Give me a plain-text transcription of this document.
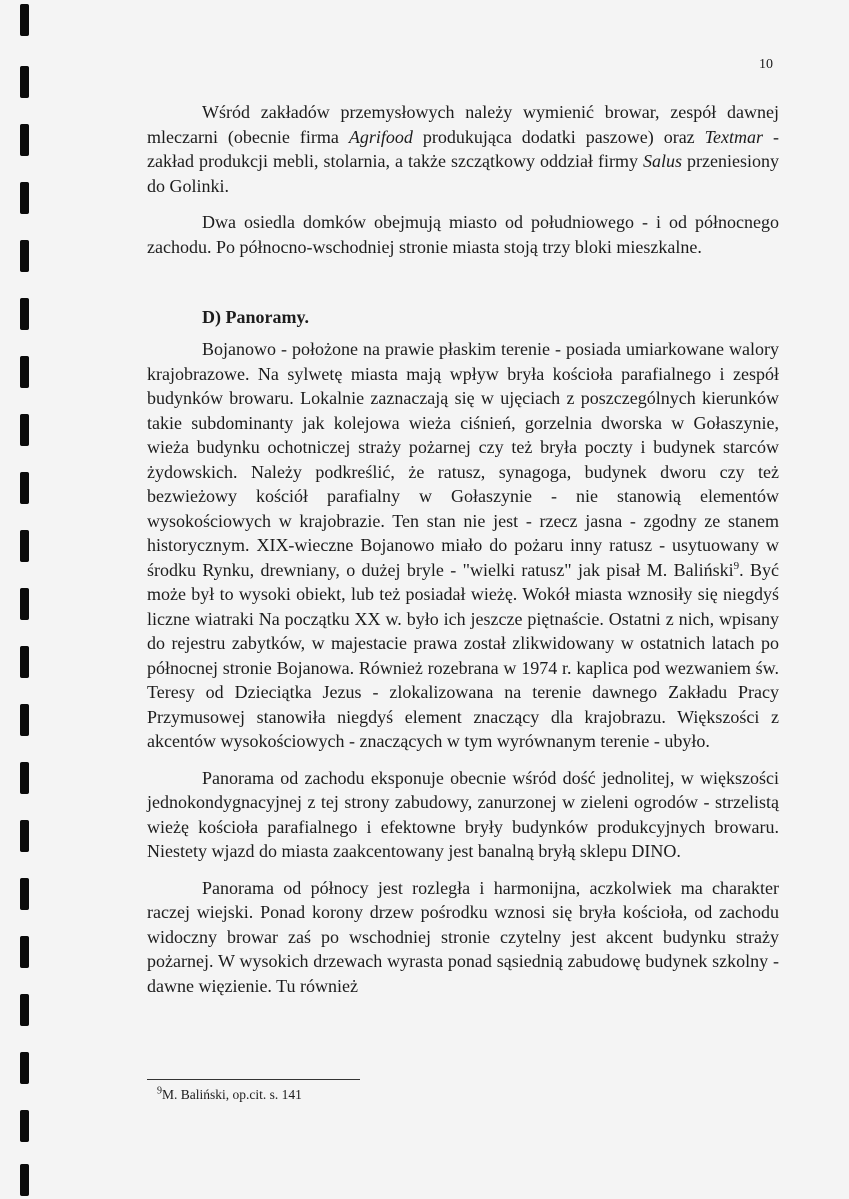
10

Wśród zakładów przemysłowych należy wymienić browar, zespół dawnej mleczarni (obecnie firma Agrifood produkująca dodatki paszowe) oraz Textmar - zakład produkcji mebli, stolarnia, a także szczątkowy oddział firmy Salus przeniesiony do Golinki.

Dwa osiedla domków obejmują miasto od południowego - i od północnego zachodu. Po północno-wschodniej stronie miasta stoją trzy bloki mieszkalne.

D) Panoramy.

Bojanowo - położone na prawie płaskim terenie - posiada umiarkowane walory krajobrazowe. Na sylwetę miasta mają wpływ bryła kościoła parafialnego i zespół budynków browaru. Lokalnie zaznaczają się w ujęciach z poszczególnych kierunków takie subdominanty jak kolejowa wieża ciśnień, gorzelnia dworska w Gołaszynie, wieża budynku ochotniczej straży pożarnej czy też bryła poczty i budynek starców żydowskich. Należy podkreślić, że ratusz, synagoga, budynek dworu czy też bezwieżowy kościół parafialny w Gołaszynie - nie stanowią elementów wysokościowych w krajobrazie. Ten stan nie jest - rzecz jasna - zgodny ze stanem historycznym. XIX-wieczne Bojanowo miało do pożaru inny ratusz - usytuowany w środku Rynku, drewniany, o dużej bryle - "wielki ratusz" jak pisał M. Baliński$^9$. Być może był to wysoki obiekt, lub też posiadał wieżę. Wokół miasta wznosiły się niegdyś liczne wiatraki Na początku XX w. było ich jeszcze piętnaście. Ostatni z nich, wpisany do rejestru zabytków, w majestacie prawa został zlikwidowany w ostatnich latach po północnej stronie Bojanowa. Również rozebrana w 1974 r. kaplica pod wezwaniem św. Teresy od Dzieciątka Jezus - zlokalizowana na terenie dawnego Zakładu Pracy Przymusowej stanowiła niegdyś element znaczący dla krajobrazu. Większości z akcentów wysokościowych - znaczących w tym wyrównanym terenie - ubyło.

Panorama od zachodu eksponuje obecnie wśród dość jednolitej, w większości jednokondygnacyjnej z tej strony zabudowy, zanurzonej w zieleni ogrodów - strzelistą wieżę kościoła parafialnego i efektowne bryły budynków produkcyjnych browaru. Niestety wjazd do miasta zaakcentowany jest banalną bryłą sklepu DINO.

Panorama od północy jest rozległa i harmonijna, aczkolwiek ma charakter raczej wiejski. Ponad korony drzew pośrodku wznosi się bryła kościoła, od zachodu widoczny browar zaś po wschodniej stronie czytelny jest akcent budynku straży pożarnej. W wysokich drzewach wyrasta ponad sąsiednią zabudowę budynek szkolny - dawne więzienie. Tu również

$^9$M. Baliński, op.cit. s. 141
